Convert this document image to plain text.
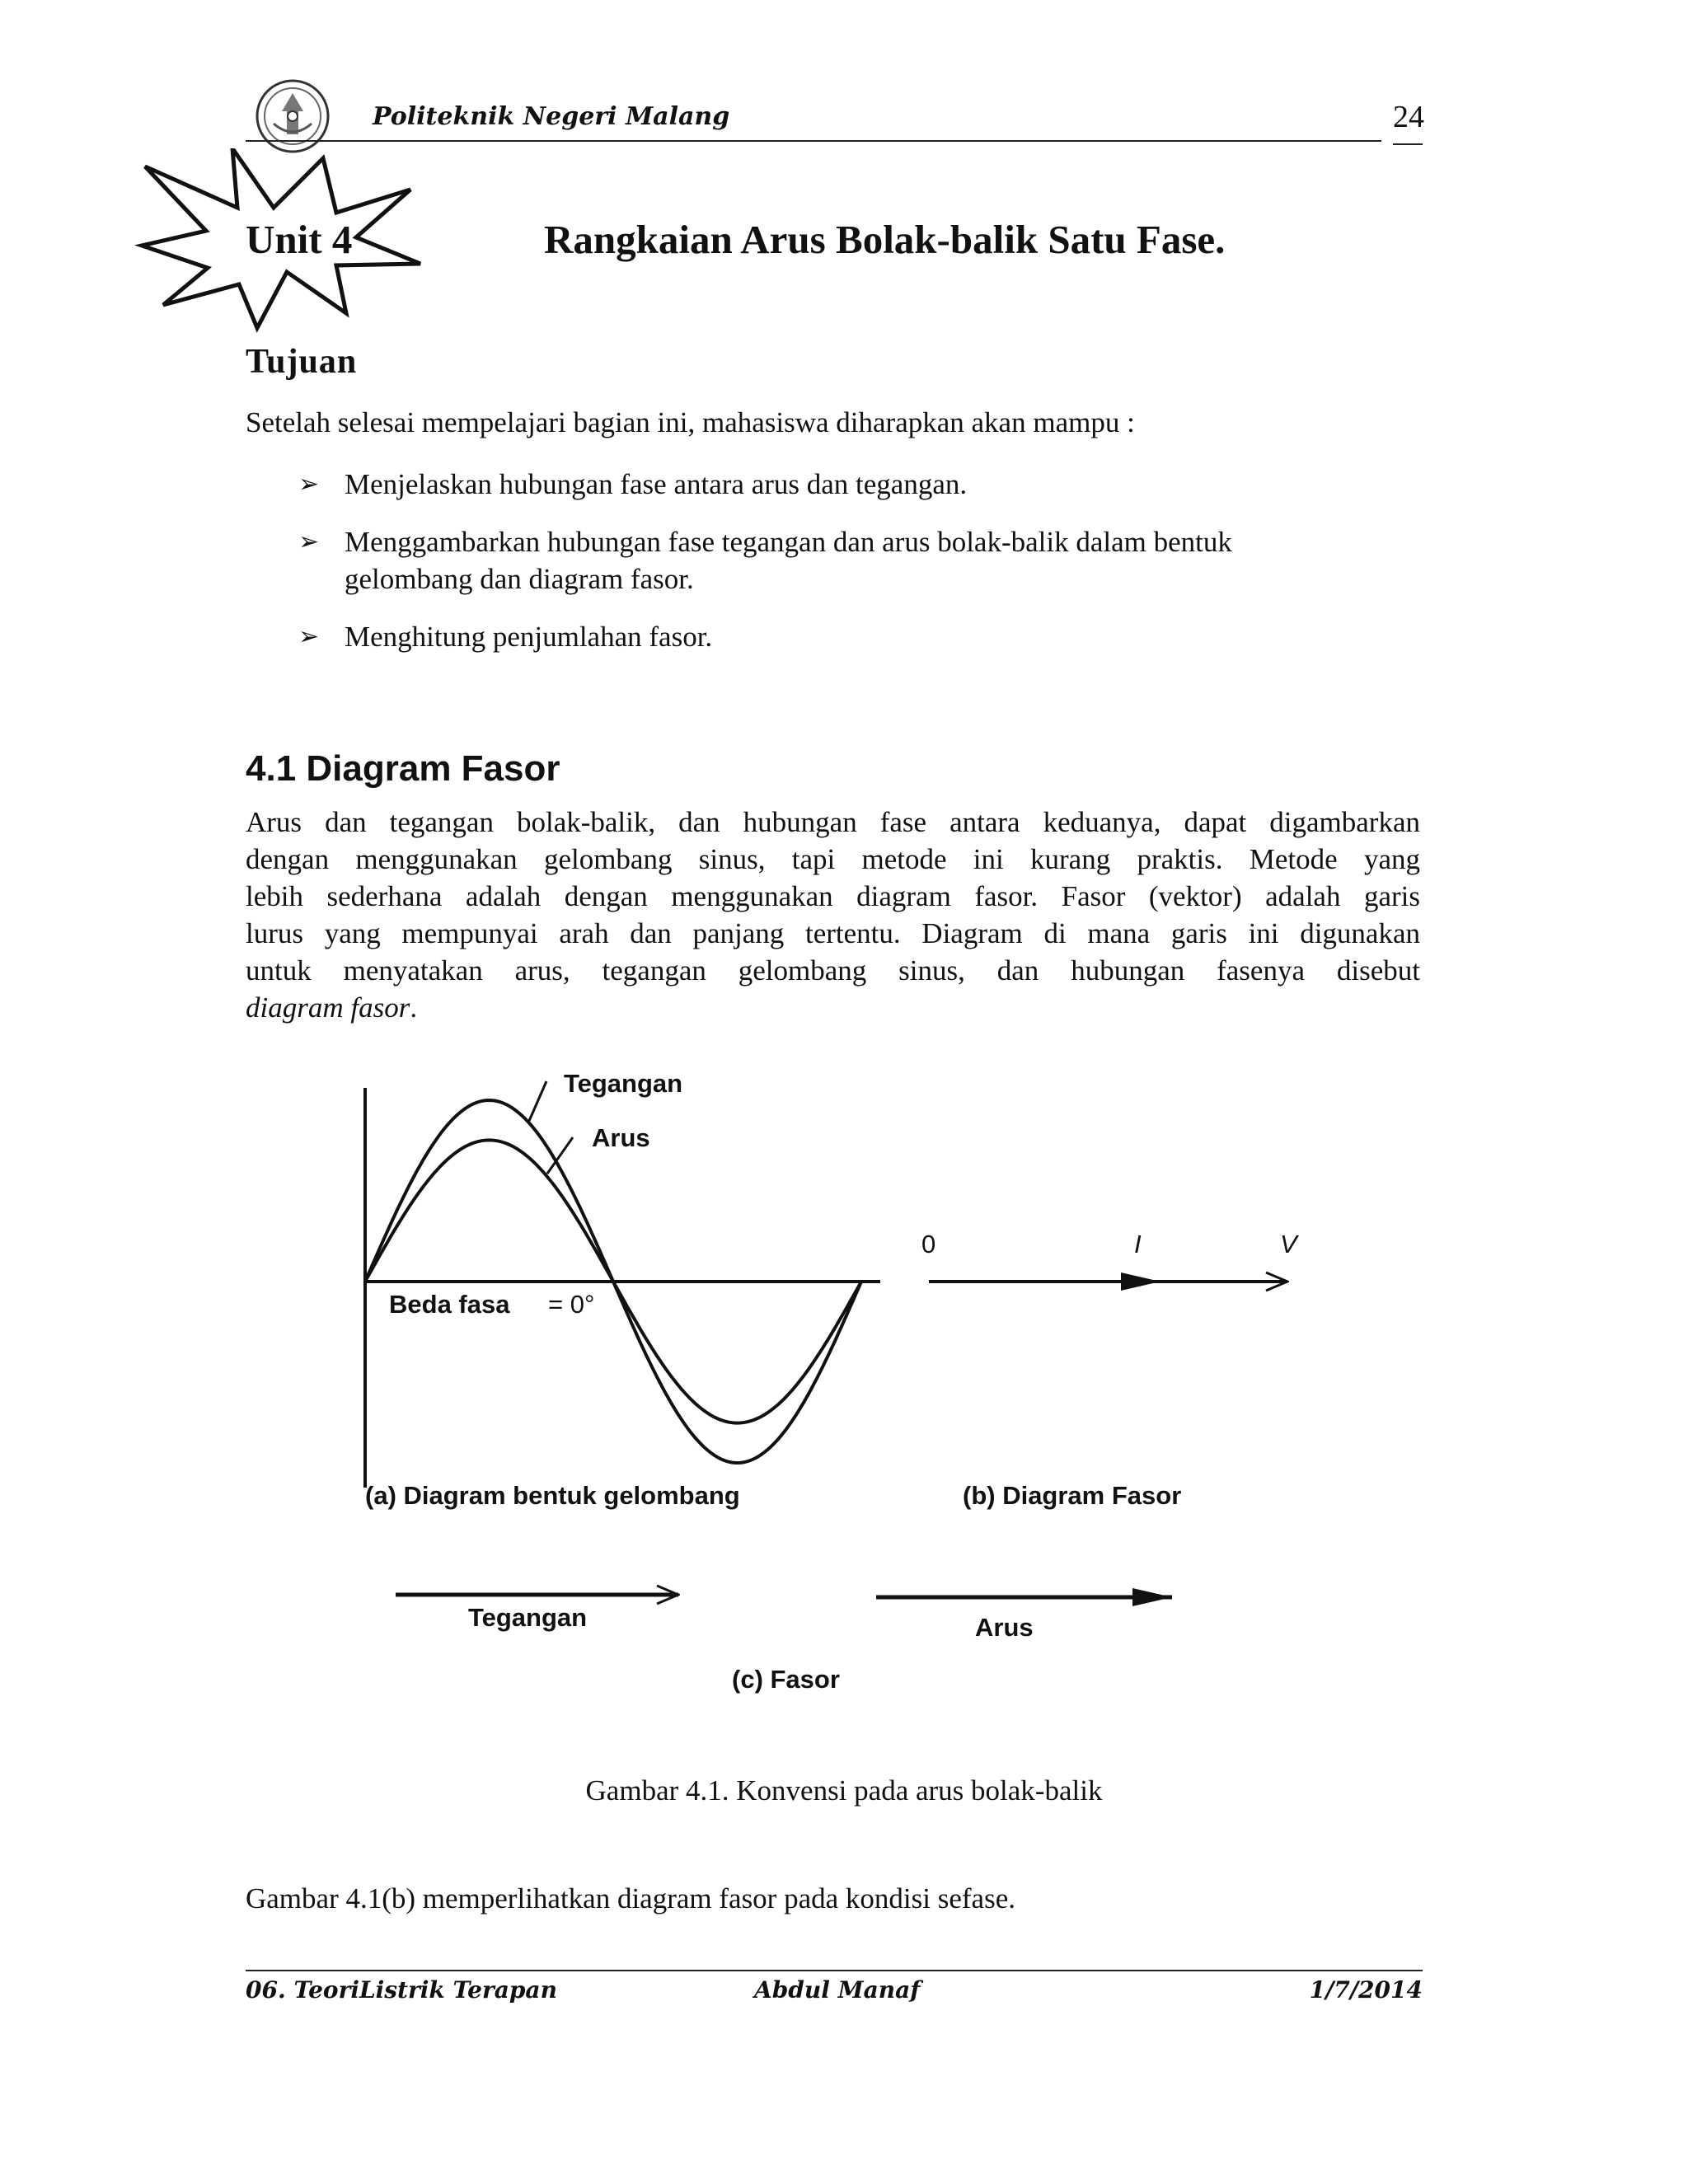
Politeknik Negeri Malang	24
Unit 4	Rangkaian Arus Bolak-balik Satu Fase.
Tujuan
Setelah selesai mempelajari bagian ini, mahasiswa diharapkan akan mampu :
➢ Menjelaskan hubungan fase antara arus dan tegangan.
➢ Menggambarkan hubungan fase tegangan dan arus bolak-balik dalam bentuk
gelombang dan diagram fasor.
➢ Menghitung penjumlahan fasor.
4.1 Diagram Fasor
Arus dan tegangan bolak-balik, dan hubungan fase antara keduanya, dapat digambarkan
dengan menggunakan gelombang sinus, tapi metode ini kurang praktis. Metode yang
lebih sederhana adalah dengan menggunakan diagram fasor. Fasor (vektor) adalah garis
lurus yang mempunyai arah dan panjang tertentu. Diagram di mana garis ini digunakan
untuk menyatakan arus, tegangan gelombang sinus, dan hubungan fasenya disebut
diagram fasor.
Tegangan
Arus
Beda fasa = 0°
(a) Diagram bentuk gelombang
0	I	V
(b) Diagram Fasor
Tegangan	Arus
(c) Fasor
Gambar 4.1. Konvensi pada arus bolak-balik
Gambar 4.1(b) memperlihatkan diagram fasor pada kondisi sefase.
06. TeoriListrik Terapan	Abdul Manaf	1/7/2014
